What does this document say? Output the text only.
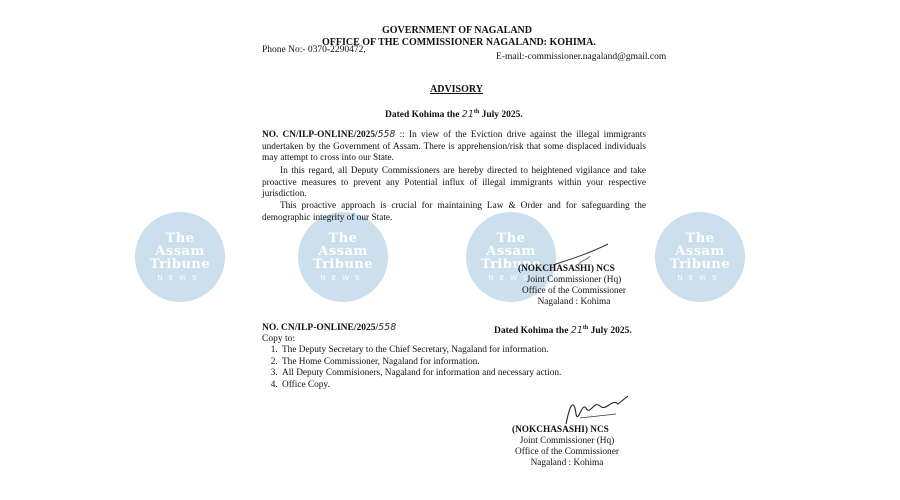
The
Assam
Tribune
NEWS
The
Assam
Tribune
NEWS
The
Assam
Tribune
NEWS
The
Assam
Tribune
NEWS
GOVERNMENT OF NAGALAND
OFFICE OF THE COMMISSIONER NAGALAND: KOHIMA.
Phone No:- 0370-2290472,
E-mail:-commissioner.nagaland@gmail.com
ADVISORY
Dated Kohima the 21th July 2025.
NO. CN/ILP-ONLINE/2025/558 :: In view of the Eviction drive against the illegal immigrants undertaken by the Government of Assam. There is apprehension/risk that some displaced individuals may attempt to cross into our State.
In this regard, all Deputy Commissioners are hereby directed to heightened vigilance and take proactive measures to prevent any Potential influx of illegal immigrants within your respective jurisdiction.
This proactive approach is crucial for maintaining Law & Order and for safeguarding the demographic integrity of our State.
(NOKCHASASHI) NCS

Joint Commissioner (Hq)
Office of the Commissioner
Nagaland : Kohima
NO. CN/ILP-ONLINE/2025/558	Dated Kohima the 21th July 2025.
Copy to:
1. The Deputy Secretary to the Chief Secretary, Nagaland for information.
2. The Home Commissioner, Nagaland for information.
3. All Deputy Commisioners, Nagaland for information and necessary action.
4. Office Copy.
(NOKCHASASHI) NCS

Joint Commissioner (Hq)
Office of the Commissioner
Nagaland : Kohima
